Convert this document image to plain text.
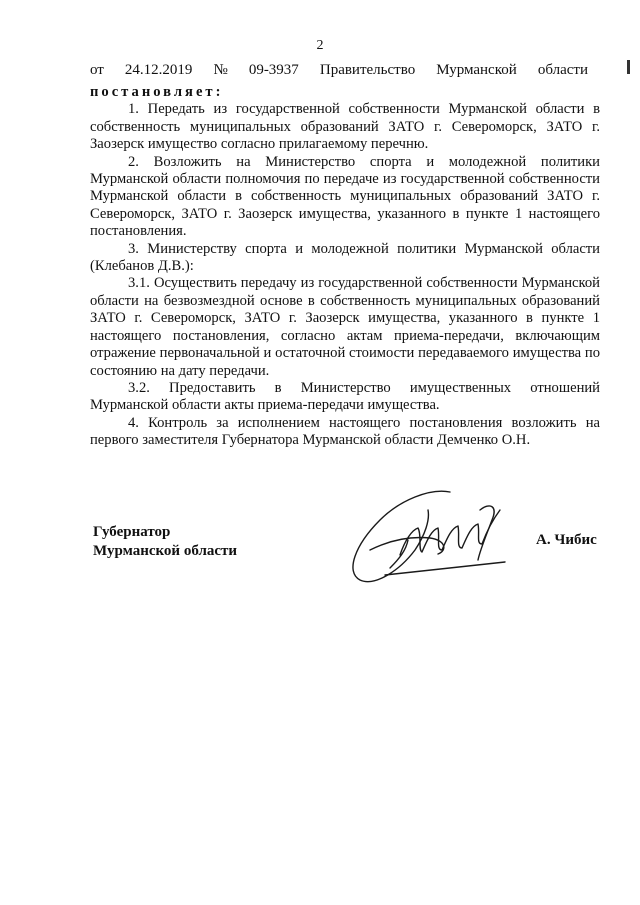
2
от 24.12.2019 № 09-3937 Правительство Мурманской области

постановляет:

1. Передать из государственной собственности Мурманской области в собственность муниципальных образований ЗАТО г. Североморск, ЗАТО г. Заозерск имущество согласно прилагаемому перечню.

2. Возложить на Министерство спорта и молодежной политики Мурманской области полномочия по передаче из государственной собственности Мурманской области в собственность муниципальных образований ЗАТО г. Североморск, ЗАТО г. Заозерск имущества, указанного в пункте 1 настоящего постановления.

3. Министерству спорта и молодежной политики Мурманской области (Клебанов Д.В.):

3.1. Осуществить передачу из государственной собственности Мурманской области на безвозмездной основе в собственность муниципальных образований ЗАТО г. Североморск, ЗАТО г. Заозерск имущества, указанного в пункте 1 настоящего постановления, согласно актам приема-передачи, включающим отражение первоначальной и остаточной стоимости передаваемого имущества по состоянию на дату передачи.

3.2. Предоставить в Министерство имущественных отношений Мурманской области акты приема-передачи имущества.

4. Контроль за исполнением настоящего постановления возложить на первого заместителя Губернатора Мурманской области Демченко О.Н.

Губернатор
Мурманской области
А. Чибис
